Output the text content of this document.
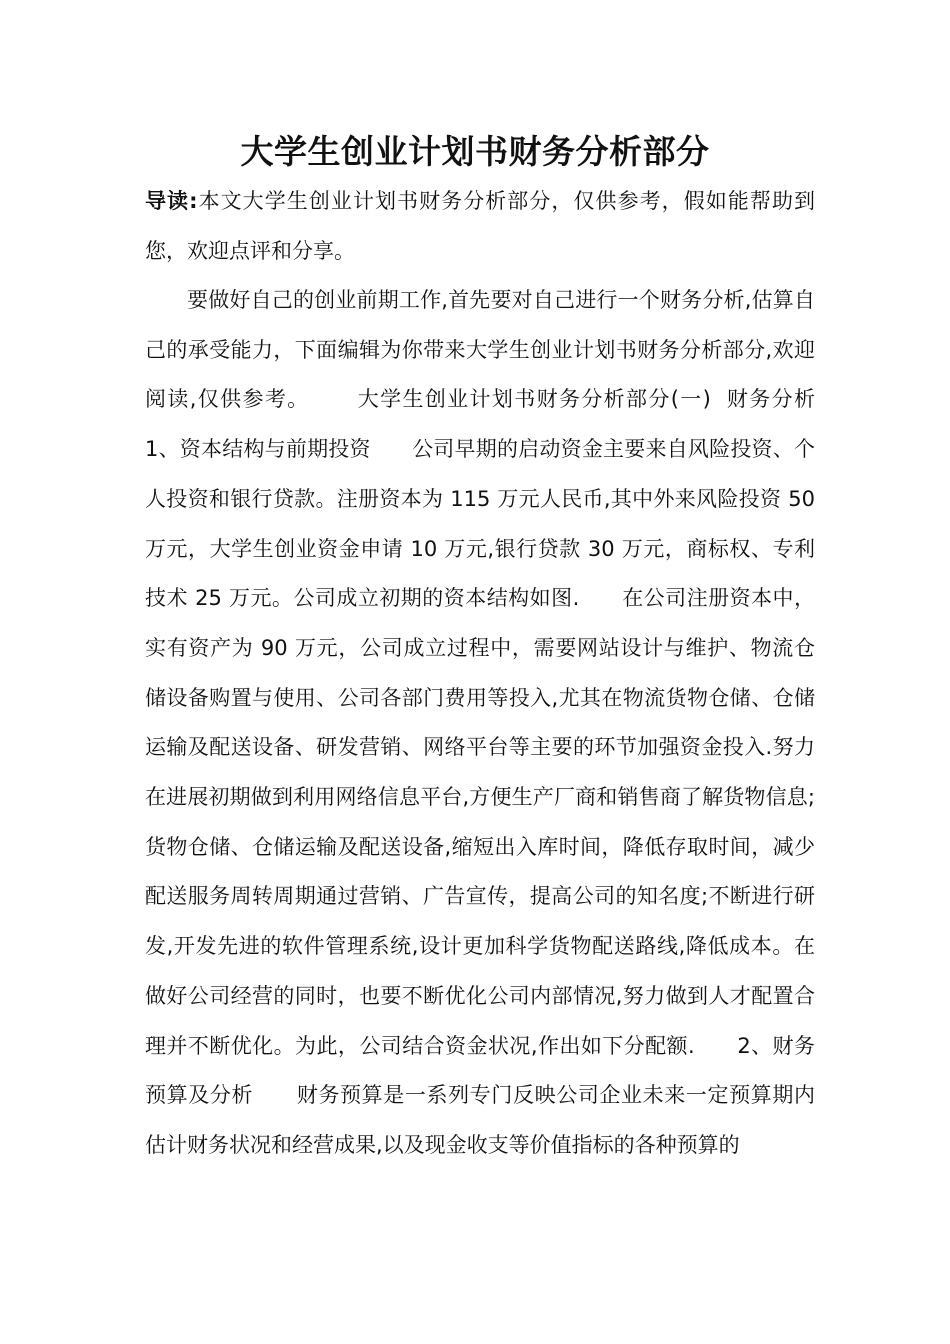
大学生创业计划书财务分析部分

导读:本文大学生创业计划书财务分析部分，仅供参考，假如能帮助到您，欢迎点评和分享。

要做好自己的创业前期工作,首先要对自己进行一个财务分析,估算自己的承受能力，下面编辑为你带来大学生创业计划书财务分析部分,欢迎阅读,仅供参考。      大学生创业计划书财务分析部分(一)  财务分析      1、资本结构与前期投资      公司早期的启动资金主要来自风险投资、个人投资和银行贷款。注册资本为 115 万元人民币,其中外来风险投资 50 万元，大学生创业资金申请 10 万元,银行贷款 30 万元，商标权、专利技术 25 万元。公司成立初期的资本结构如图.      在公司注册资本中，实有资产为 90 万元，公司成立过程中，需要网站设计与维护、物流仓储设备购置与使用、公司各部门费用等投入,尤其在物流货物仓储、仓储运输及配送设备、研发营销、网络平台等主要的环节加强资金投入.努力在进展初期做到利用网络信息平台,方便生产厂商和销售商了解货物信息;货物仓储、仓储运输及配送设备,缩短出入库时间，降低存取时间，减少配送服务周转周期通过营销、广告宣传，提高公司的知名度;不断进行研发,开发先进的软件管理系统,设计更加科学货物配送路线,降低成本。在做好公司经营的同时，也要不断优化公司内部情况,努力做到人才配置合理并不断优化。为此，公司结合资金状况,作出如下分配额.      2、财务预算及分析      财务预算是一系列专门反映公司企业未来一定预算期内估计财务状况和经营成果,以及现金收支等价值指标的各种预算的
